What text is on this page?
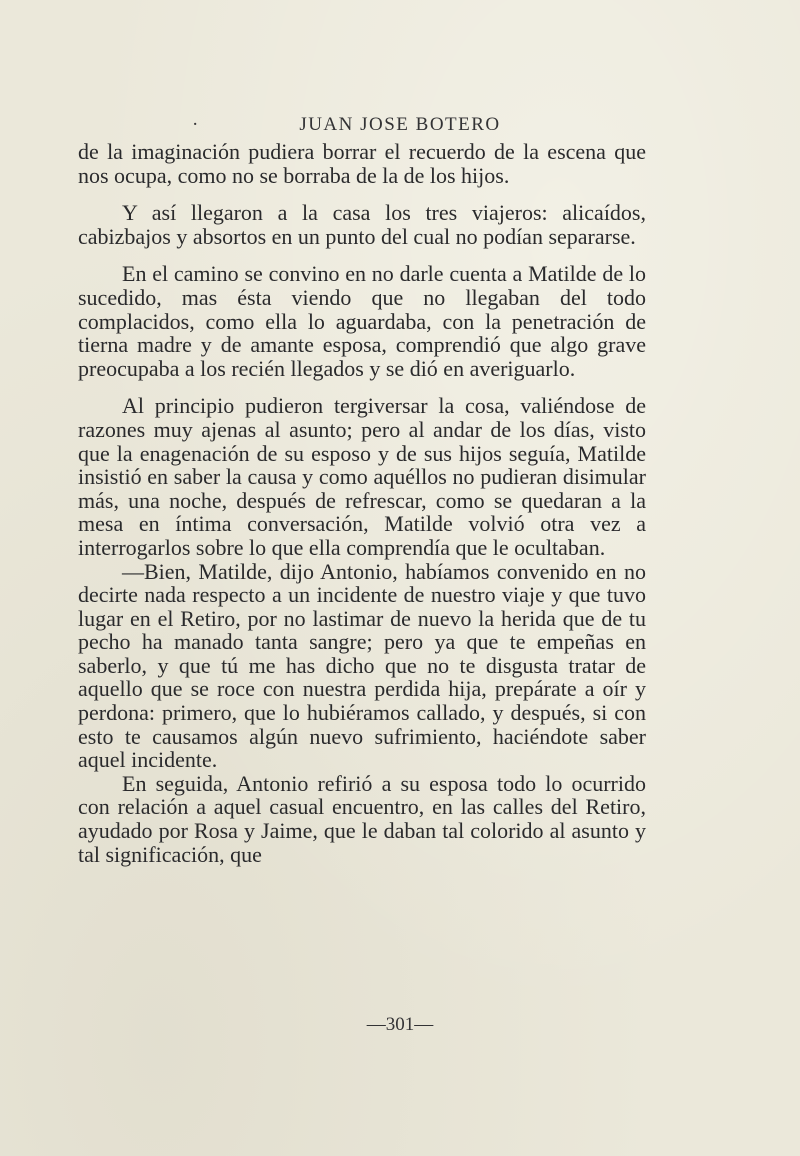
·	JUAN JOSE BOTERO

de la imaginación pudiera borrar el recuerdo de la escena que nos ocupa, como no se borraba de la de los hijos.

Y así llegaron a la casa los tres viajeros: alicaídos, cabizbajos y absortos en un punto del cual no podían separarse.

En el camino se convino en no darle cuenta a Matilde de lo sucedido, mas ésta viendo que no llegaban del todo complacidos, como ella lo aguardaba, con la penetración de tierna madre y de amante esposa, comprendió que algo grave preocupaba a los recién llegados y se dió en averiguarlo.

Al principio pudieron tergiversar la cosa, valiéndose de razones muy ajenas al asunto; pero al andar de los días, visto que la enagenación de su esposo y de sus hijos seguía, Matilde insistió en saber la causa y como aquéllos no pudieran disimular más, una noche, después de refrescar, como se quedaran a la mesa en íntima conversación, Matilde volvió otra vez a interrogarlos sobre lo que ella comprendía que le ocultaban.

—Bien, Matilde, dijo Antonio, habíamos convenido en no decirte nada respecto a un incidente de nuestro viaje y que tuvo lugar en el Retiro, por no lastimar de nuevo la herida que de tu pecho ha manado tanta sangre; pero ya que te empeñas en saberlo, y que tú me has dicho que no te disgusta tratar de aquello que se roce con nuestra perdida hija, prepárate a oír y perdona: primero, que lo hubiéramos callado, y después, si con esto te causamos algún nuevo sufrimiento, haciéndote saber aquel incidente.

En seguida, Antonio refirió a su esposa todo lo ocurrido con relación a aquel casual encuentro, en las calles del Retiro, ayudado por Rosa y Jaime, que le daban tal colorido al asunto y tal significación, que

—301—
